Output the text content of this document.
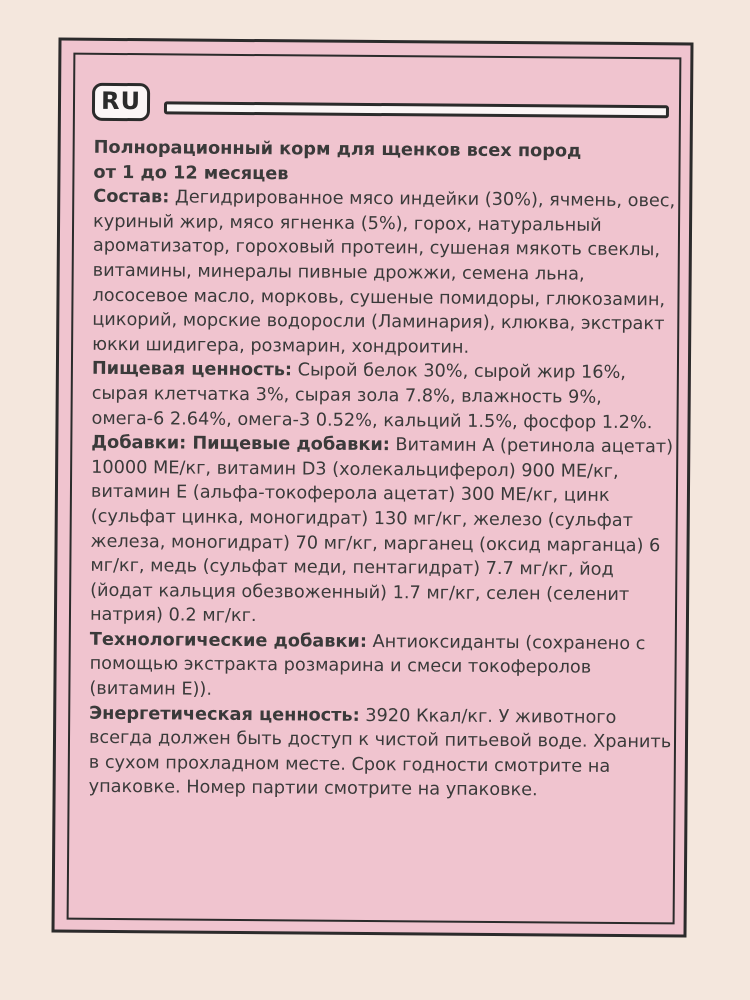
RU

Полнорационный корм для щенков всех пород
от 1 до 12 месяцев

Состав: Дегидрированное мясо индейки (30%), ячмень, овес, куриный жир, мясо ягненка (5%), горох, натуральный ароматизатор, гороховый протеин, сушеная мякоть свеклы, витамины, минералы пивные дрожжи, семена льна, лососевое масло, морковь, сушеные помидоры, глюкозамин, цикорий, морские водоросли (Ламинария), клюква, экстракт юкки шидигера, розмарин, хондроитин.

Пищевая ценность: Сырой белок 30%, сырой жир 16%, сырая клетчатка 3%, сырая зола 7.8%, влажность 9%, омега-6 2.64%, омега-3 0.52%, кальций 1.5%, фосфор 1.2%.

Добавки: Пищевые добавки: Витамин А (ретинола ацетат) 10000 МЕ/кг, витамин D3 (холекальциферол) 900 МЕ/кг, витамин Е (альфа-токоферола ацетат) 300 МЕ/кг, цинк (сульфат цинка, моногидрат) 130 мг/кг, железо (сульфат железа, моногидрат) 70 мг/кг, марганец (оксид марганца) 6 мг/кг, медь (сульфат меди, пентагидрат) 7.7 мг/кг, йод (йодат кальция обезвоженный) 1.7 мг/кг, селен (селенит натрия) 0.2 мг/кг.

Технологические добавки: Антиоксиданты (сохранено с помощью экстракта розмарина и смеси токоферолов (витамин Е)).

Энергетическая ценность: 3920 Ккал/кг. У животного всегда должен быть доступ к чистой питьевой воде. Хранить в сухом прохладном месте. Срок годности смотрите на упаковке. Номер партии смотрите на упаковке.
